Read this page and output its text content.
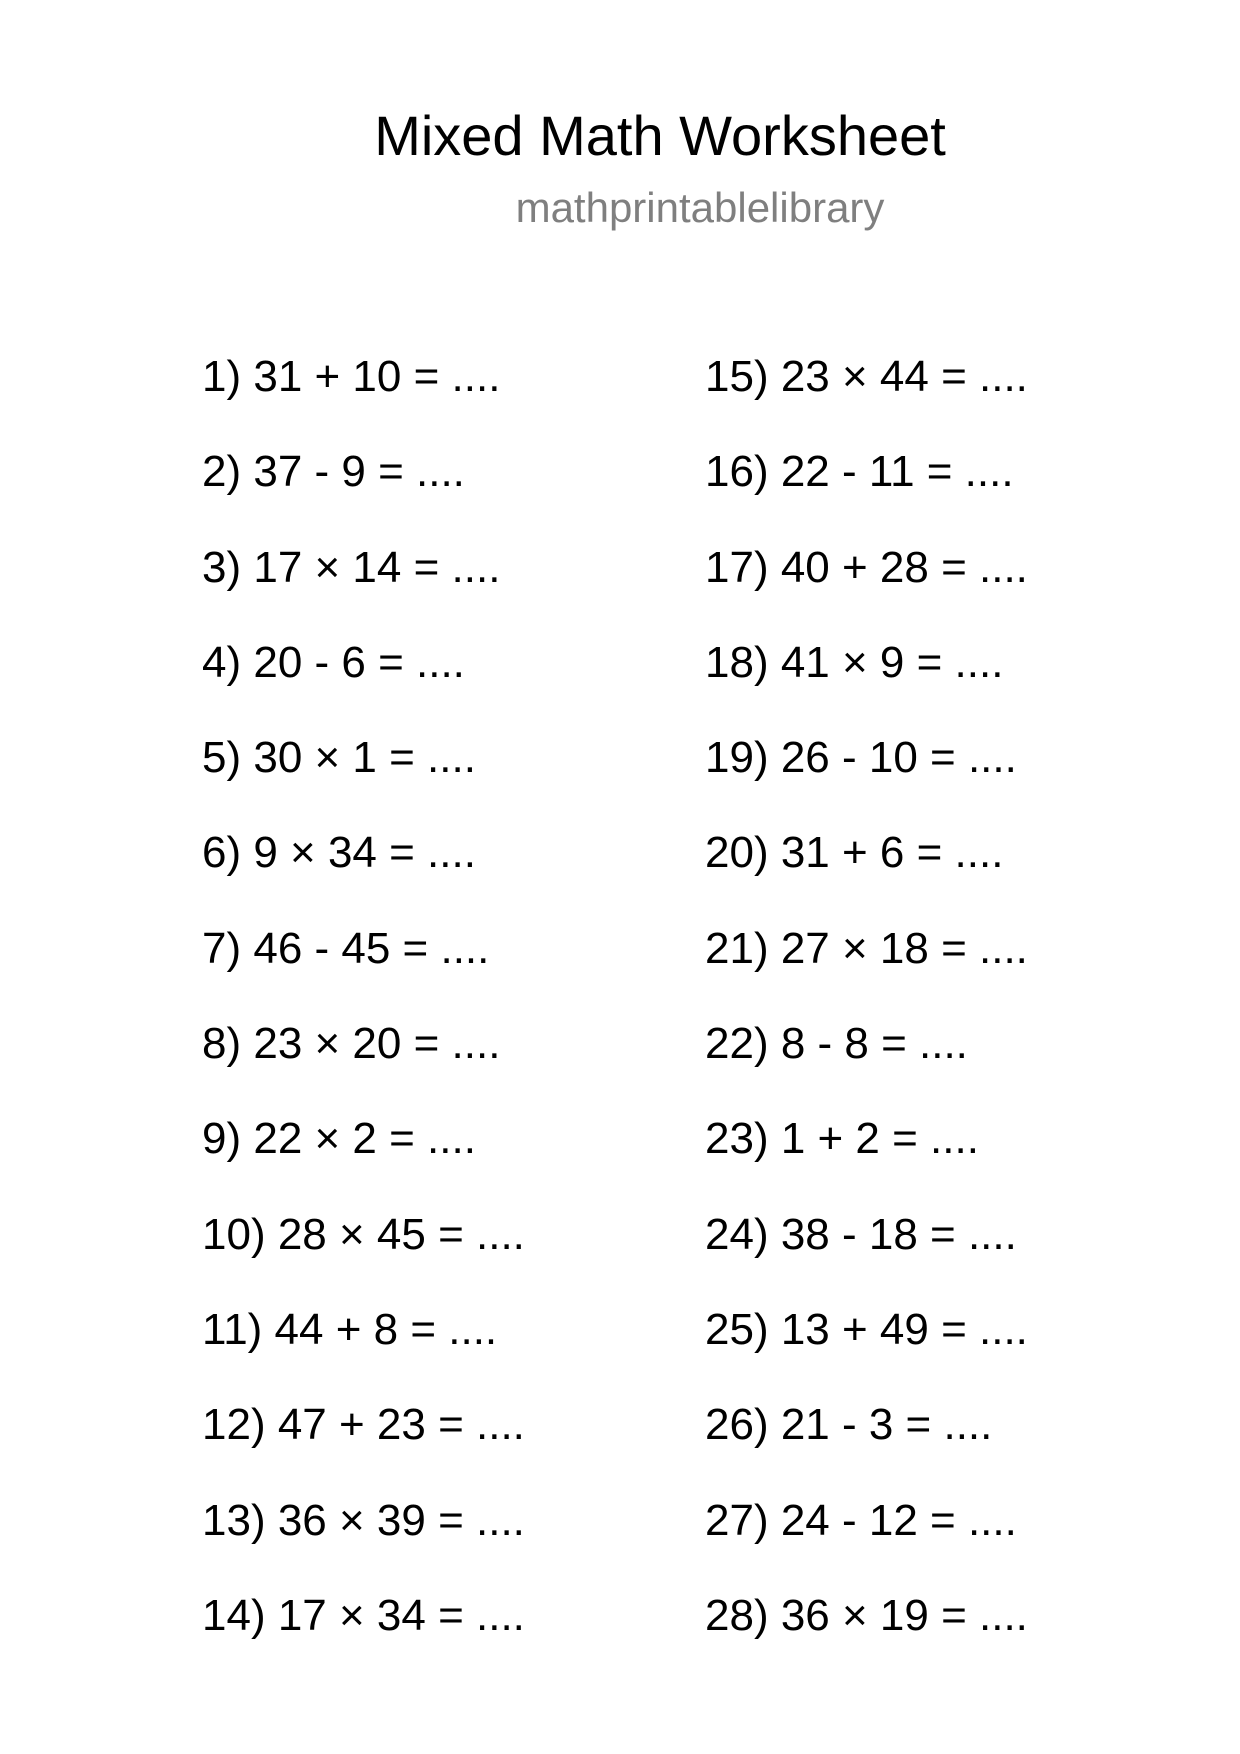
Mixed Math Worksheet
mathprintablelibrary
1) 31 + 10 = ....
2) 37 - 9 = ....
3) 17 × 14 = ....
4) 20 - 6 = ....
5) 30 × 1 = ....
6) 9 × 34 = ....
7) 46 - 45 = ....
8) 23 × 20 = ....
9) 22 × 2 = ....
10) 28 × 45 = ....
11) 44 + 8 = ....
12) 47 + 23 = ....
13) 36 × 39 = ....
14) 17 × 34 = ....
15) 23 × 44 = ....
16) 22 - 11 = ....
17) 40 + 28 = ....
18) 41 × 9 = ....
19) 26 - 10 = ....
20) 31 + 6 = ....
21) 27 × 18 = ....
22) 8 - 8 = ....
23) 1 + 2 = ....
24) 38 - 18 = ....
25) 13 + 49 = ....
26) 21 - 3 = ....
27) 24 - 12 = ....
28) 36 × 19 = ....
